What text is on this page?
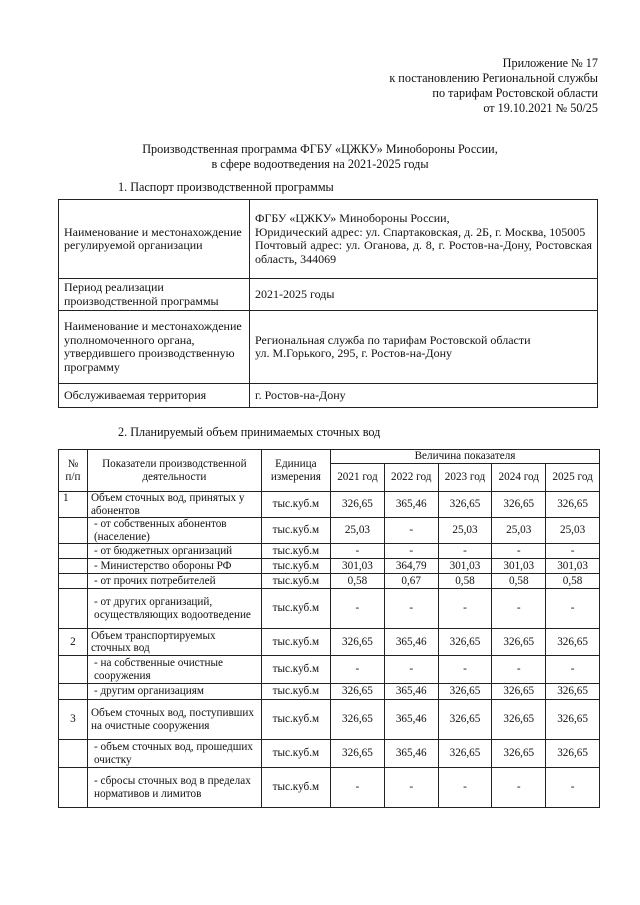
Приложение № 17
к постановлению Региональной службы
по тарифам Ростовской области
от 19.10.2021 № 50/25
Производственная программа ФГБУ «ЦЖКУ» Минобороны России,
в сфере водоотведения на 2021-2025 годы
1. Паспорт производственной программы
Наименование и местонахождение регулируемой организации	ФГБУ «ЦЖКУ» Минобороны России,
Юридический адрес: ул. Спартаковская, д. 2Б, г. Москва, 105005
Почтовый адрес: ул. Оганова, д. 8, г. Ростов-на-Дону, Ростовская область, 344069

Период реализации производственной программы	2021-2025 годы
Наименование и местонахождение уполномоченного органа, утвердившего производственную программу	Региональная служба по тарифам Ростовской области
ул. М.Горького, 295, г. Ростов-на-Дону

Обслуживаемая территория	г. Ростов-на-Дону
2. Планируемый объем принимаемых сточных вод
№ п/п	Показатели производственной деятельности	Единица измерения	Величина показателя				
			2021 год	2022 год	2023 год	2024 год	2025 год
1	Объем сточных вод, принятых у абонентов	тыс.куб.м	326,65	365,46	326,65	326,65	326,65
	- от собственных абонентов (население)	тыс.куб.м	25,03	-	25,03	25,03	25,03
	- от бюджетных организаций	тыс.куб.м	-	-	-	-	-
	- Министерство обороны РФ	тыс.куб.м	301,03	364,79	301,03	301,03	301,03
	- от прочих потребителей	тыс.куб.м	0,58	0,67	0,58	0,58	0,58
	- от других организаций, осуществляющих водоотведение	тыс.куб.м	-	-	-	-	-
2	Объем транспортируемых сточных вод	тыс.куб.м	326,65	365,46	326,65	326,65	326,65
	- на собственные очистные сооружения	тыс.куб.м	-	-	-	-	-
	- другим организациям	тыс.куб.м	326,65	365,46	326,65	326,65	326,65
3	Объем сточных вод, поступивших на очистные сооружения	тыс.куб.м	326,65	365,46	326,65	326,65	326,65
	- объем сточных вод, прошедших очистку	тыс.куб.м	326,65	365,46	326,65	326,65	326,65
	- сбросы сточных вод в пределах нормативов и лимитов	тыс.куб.м	-	-	-	-	-
